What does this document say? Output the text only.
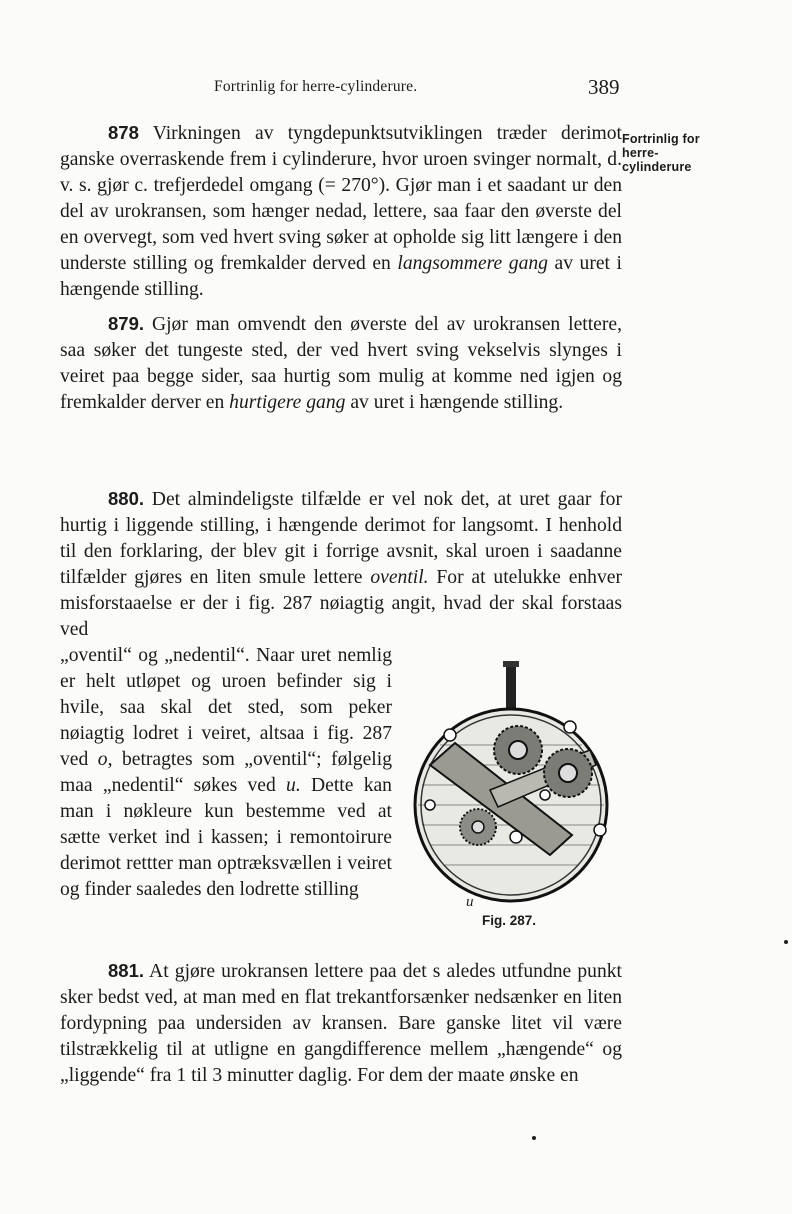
Fortrinlig for herre-cylinderure.	389
Fortrinlig for
herre-
cylinderure

878 Virkningen av tyngdepunktsutviklingen træder derimot ganske overraskende frem i cylinderure, hvor uroen svinger normalt, d. v. s. gjør c. trefjerdedel omgang (= 270°). Gjør man i et saadant ur den del av urokransen, som hænger nedad, lettere, saa faar den øverste del en overvegt, som ved hvert sving søker at opholde sig litt længere i den underste stilling og fremkalder derved en langsommere gang av uret i hængende stilling.

879. Gjør man omvendt den øverste del av urokransen lettere, saa søker det tungeste sted, der ved hvert sving vekselvis slynges i veiret paa begge sider, saa hurtig som mulig at komme ned igjen og fremkalder derver en hurtigere gang av uret i hængende stilling.

880. Det almindeligste tilfælde er vel nok det, at uret gaar for hurtig i liggende stilling, i hængende derimot for langsomt. I henhold til den forklaring, der blev git i forrige avsnit, skal uroen i saadanne tilfælder gjøres en liten smule lettere oventil. For at utelukke enhver misforstaaelse er der i fig. 287 nøiagtig angit, hvad der skal forstaas ved

„oventil“ og „nedentil“. Naar uret nemlig er helt utløpet og uroen befinder sig i hvile, saa skal det sted, som peker nøiagtig lodret i veiret, altsaa i fig. 287 ved o, betragtes som „oventil“; følgelig maa „nedentil“ søkes ved u. Dette kan man i nøkleure kun bestemme ved at sætte verket ind i kassen; i remontoirure derimot rettter man optræksvællen i veiret og finder saaledes den lodrette stilling

u
Fig. 287.

881. At gjøre urokransen lettere paa det s aledes utfundne punkt sker bedst ved, at man med en flat trekantforsænker nedsænker en liten fordypning paa undersiden av kransen. Bare ganske litet vil være tilstrækkelig til at utligne en gangdifference mellem „hængende“ og „liggende“ fra 1 til 3 minutter daglig. For dem der maate ønske en
